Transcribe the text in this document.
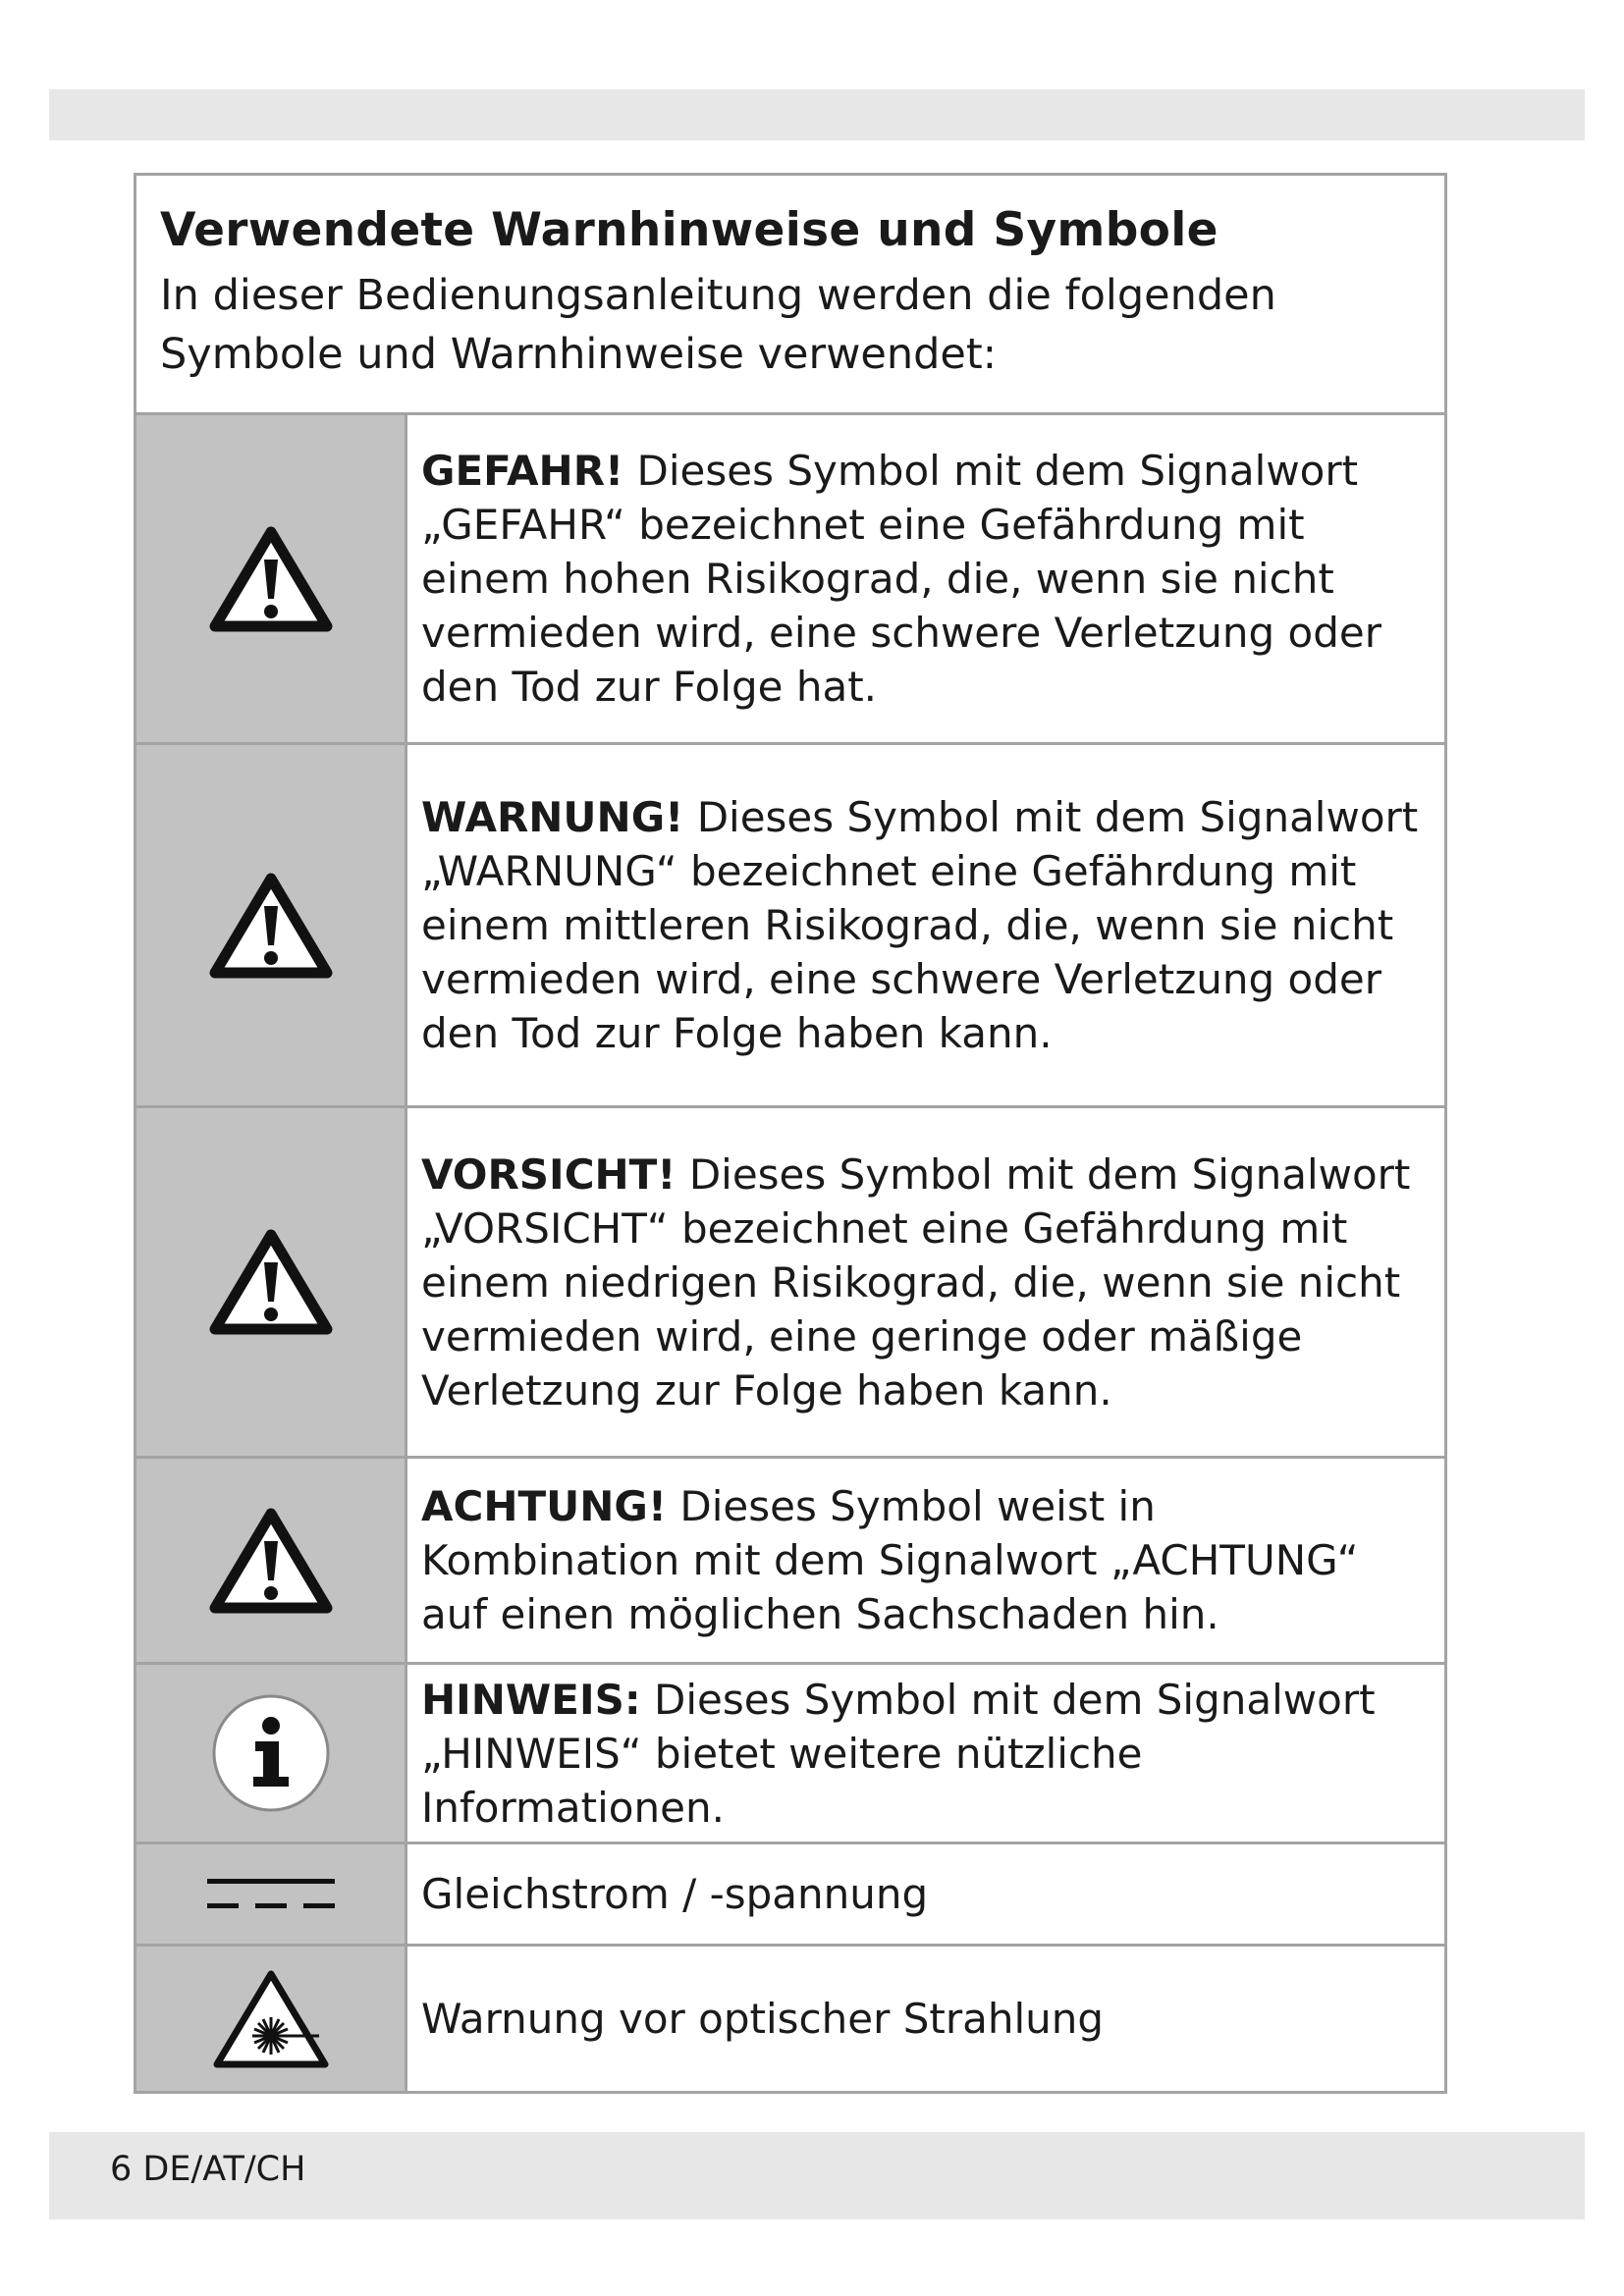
Verwendete Warnhinweise und Symbole

In dieser Bedienungsanleitung werden die folgenden Symbole und Warnhinweise verwendet:

GEFAHR! Dieses Symbol mit dem Signalwort „GEFAHR“ bezeichnet eine Gefährdung mit einem hohen Risikograd, die, wenn sie nicht vermieden wird, eine schwere Verletzung oder den Tod zur Folge hat.
WARNUNG! Dieses Symbol mit dem Signalwort „WARNUNG“ bezeichnet eine Gefährdung mit einem mittleren Risikograd, die, wenn sie nicht vermieden wird, eine schwere Verletzung oder den Tod zur Folge haben kann.
VORSICHT! Dieses Symbol mit dem Signalwort „VORSICHT“ bezeichnet eine Gefährdung mit einem niedrigen Risikograd, die, wenn sie nicht vermieden wird, eine geringe oder mäßige Verletzung zur Folge haben kann.
ACHTUNG! Dieses Symbol weist in Kombination mit dem Signalwort „ACHTUNG“ auf einen möglichen Sachschaden hin.
HINWEIS: Dieses Symbol mit dem Signalwort „HINWEIS“ bietet weitere nützliche Informationen.
Gleichstrom / -spannung
Warnung vor optischer Strahlung
6 DE/AT/CH
